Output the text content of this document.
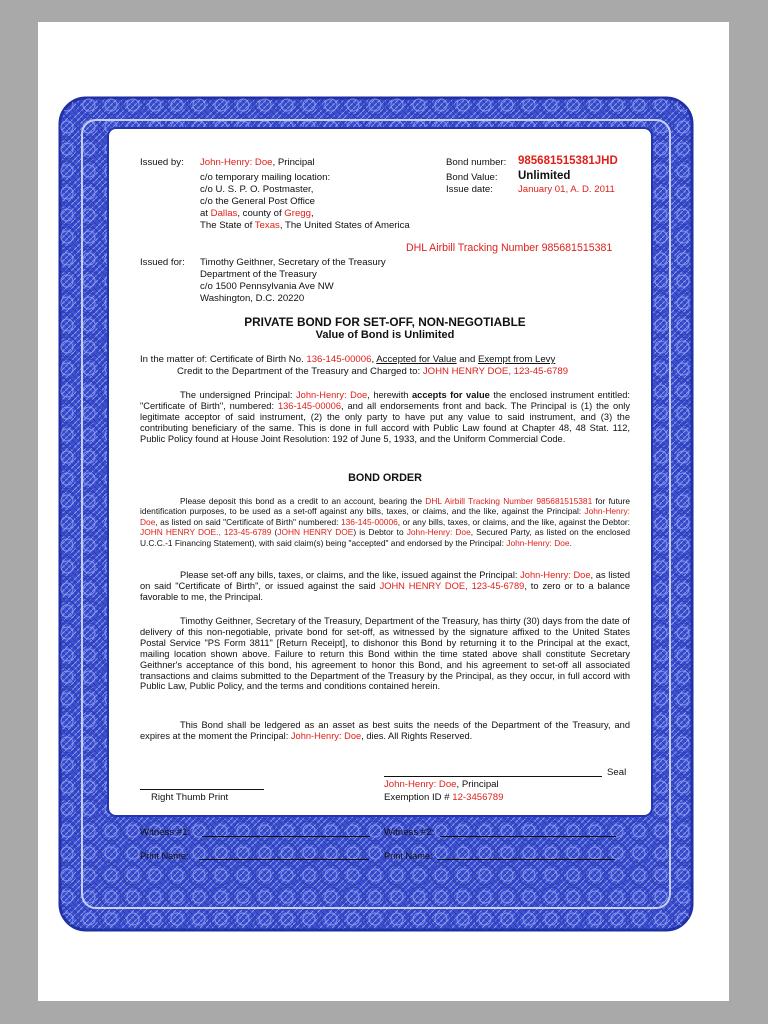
Issued by: John-Henry: Doe, Principal
c/o temporary mailing location:
c/o U. S. P. O. Postmaster,
c/o the General Post Office
at Dallas, county of Gregg,
The State of Texas, The United States of America
Bond number: 985681515381JHD
Bond Value: Unlimited
Issue date:	January 01, A. D. 2011
DHL Airbill Tracking Number 985681515381
Issued for: Timothy Geithner, Secretary of the Treasury
Department of the Treasury
c/o 1500 Pennsylvania Ave NW
Washington, D.C. 20220
PRIVATE BOND FOR SET-OFF, NON-NEGOTIABLE
Value of Bond is Unlimited
In the matter of: Certificate of Birth No. 136-145-00006, Accepted for Value and Exempt from Levy
Credit to the Department of the Treasury and Charged to: JOHN HENRY DOE, 123-45-6789
The undersigned Principal: John-Henry: Doe, herewith accepts for value the enclosed instrument entitled: "Certificate of Birth", numbered: 136-145-00006, and all endorsements front and back. The Principal is (1) the only legitimate acceptor of said instrument, (2) the only party to have put any value to said instrument, and (3) the contributing beneficiary of the same. This is done in full accord with Public Law found at Chapter 48, 48 Stat. 112, Public Policy found at House Joint Resolution: 192 of June 5, 1933, and the Uniform Commercial Code.
BOND ORDER
Please deposit this bond as a credit to an account, bearing the DHL Airbill Tracking Number 985681515381 for future identification purposes, to be used as a set-off against any bills, taxes, or claims, and the like, against the Principal: John-Henry: Doe, as listed on said "Certificate of Birth" numbered: 136-145-00006, or any bills, taxes, or claims, and the like, against the Debtor: JOHN HENRY DOE., 123-45-6789 (JOHN HENRY DOE) is Debtor to John-Henry: Doe, Secured Party, as listed on the enclosed U.C.C.-1 Financing Statement), with said claim(s) being "accepted" and endorsed by the Principal: John-Henry: Doe.
Please set-off any bills, taxes, or claims, and the like, issued against the Principal: John-Henry: Doe, as listed on said "Certificate of Birth", or issued against the said JOHN HENRY DOE, 123-45-6789, to zero or to a balance favorable to me, the Principal.
Timothy Geithner, Secretary of the Treasury, Department of the Treasury, has thirty (30) days from the date of delivery of this non-negotiable, private bond for set-off, as witnessed by the signature affixed to the United States Postal Service "PS Form 3811" [Return Receipt], to dishonor this Bond by returning it to the Principal at the exact, mailing location shown above. Failure to return this Bond within the time stated above shall constitute Secretary Geithner's acceptance of this bond, his agreement to honor this Bond, and his agreement to set-off all associated transactions and claims submitted to the Department of the Treasury by the Principal, as they occur, in full accord with Public Law, Public Policy, and the terms and conditions contained herein.
This Bond shall be ledgered as an asset as best suits the needs of the Department of the Treasury, and expires at the moment the Principal: John-Henry: Doe, dies. All Rights Reserved.
Seal
Right Thumb Print
John-Henry: Doe, Principal
Exemption ID # 12-3456789
Witness #1:	Witness #2:
Print Name:	Print Name:
